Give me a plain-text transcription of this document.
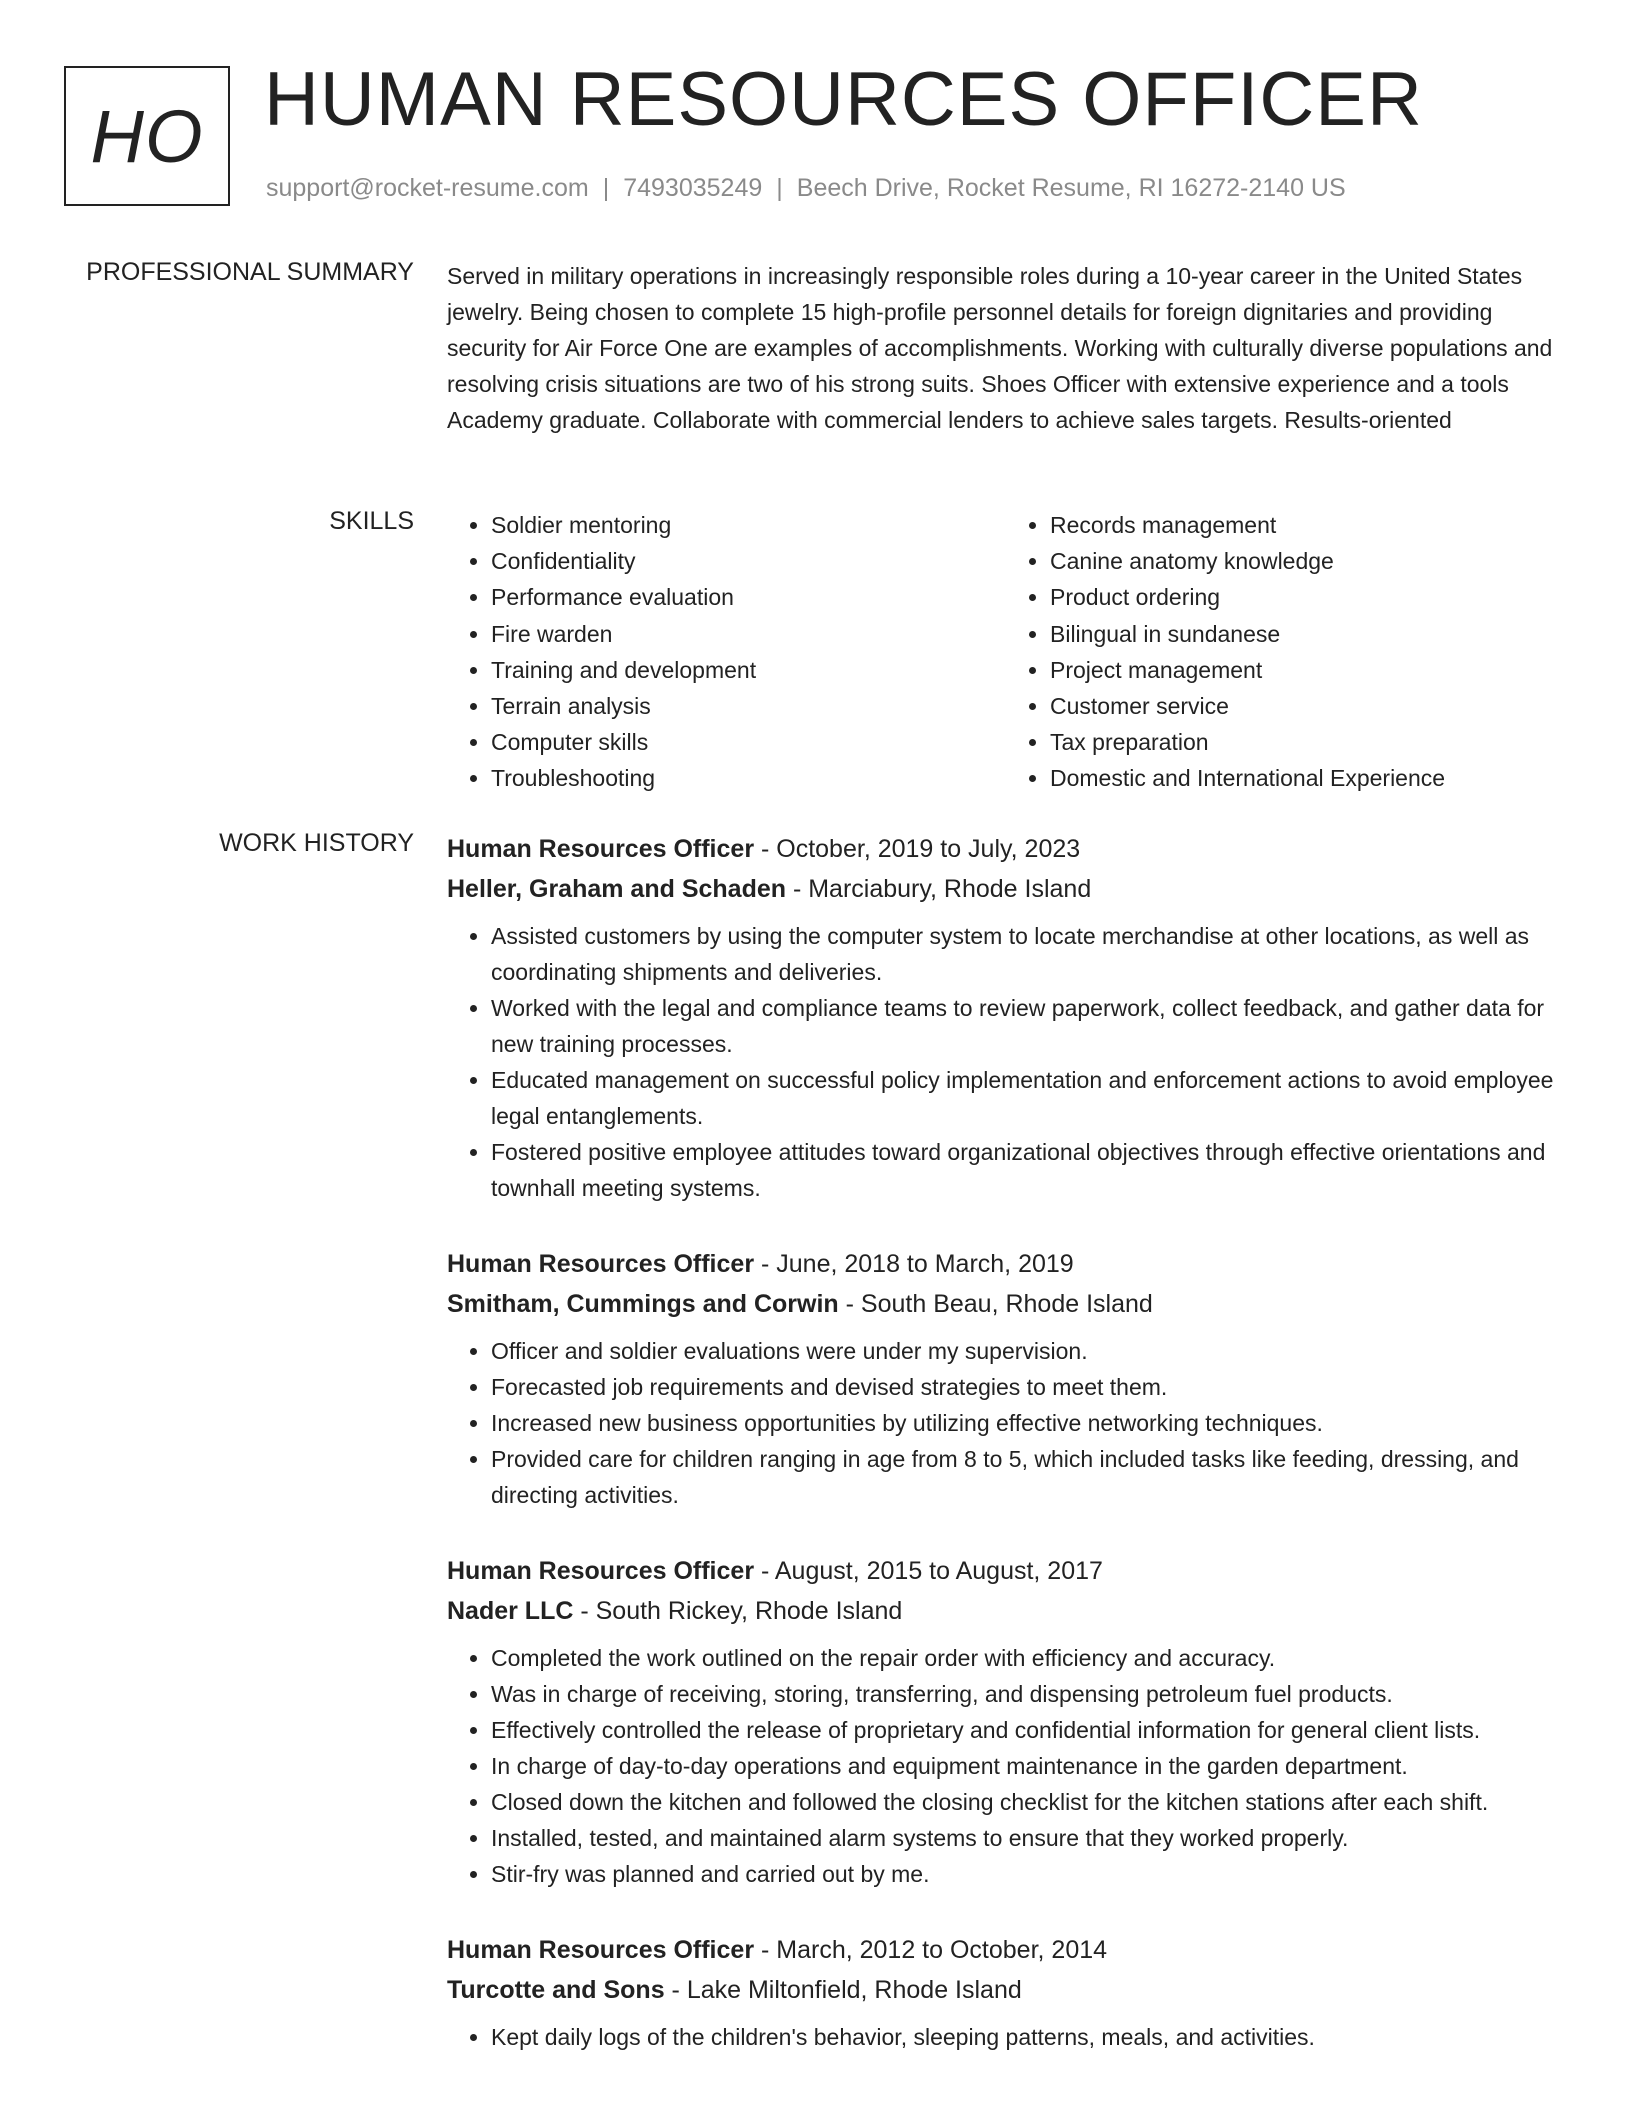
HO HUMAN RESOURCES OFFICER
support@rocket-resume.com | 7493035249 | Beech Drive, Rocket Resume, RI 16272-2140 US
PROFESSIONAL SUMMARY Served in military operations in increasingly responsible roles during a 10-year career in the United States jewelry. Being chosen to complete 15 high-profile personnel details for foreign dignitaries and providing security for Air Force One are examples of accomplishments. Working with culturally diverse populations and resolving crisis situations are two of his strong suits. Shoes Officer with extensive experience and a tools Academy graduate. Collaborate with commercial lenders to achieve sales targets. Results-oriented

SKILLS
•	Soldier mentoring
• Confidentiality
• Performance evaluation
• Fire warden
• Training and development
• Terrain analysis
• Computer skills
• Troubleshooting
• Records management
• Canine anatomy knowledge
• Product ordering
• Bilingual in sundanese
• Project management
• Customer service
• Tax preparation
• Domestic and International Experience
WORK HISTORY Human Resources Officer - October, 2019 to July, 2023
Heller, Graham and Schaden - Marciabury, Rhode Island
• Assisted customers by using the computer system to locate merchandise at other locations, as well as coordinating shipments and deliveries.
• Worked with the legal and compliance teams to review paperwork, collect feedback, and gather data for new training processes.
• Educated management on successful policy implementation and enforcement actions to avoid employee legal entanglements.
• Fostered positive employee attitudes toward organizational objectives through effective orientations and townhall meeting systems.
Human Resources Officer - June, 2018 to March, 2019
Smitham, Cummings and Corwin - South Beau, Rhode Island
• Officer and soldier evaluations were under my supervision.
• Forecasted job requirements and devised strategies to meet them.
• Increased new business opportunities by utilizing effective networking techniques.
• Provided care for children ranging in age from 8 to 5, which included tasks like feeding, dressing, and directing activities.
Human Resources Officer - August, 2015 to August, 2017
Nader LLC - South Rickey, Rhode Island
• Completed the work outlined on the repair order with efficiency and accuracy.
• Was in charge of receiving, storing, transferring, and dispensing petroleum fuel products.
• Effectively controlled the release of proprietary and confidential information for general client lists.
• In charge of day-to-day operations and equipment maintenance in the garden department.
• Closed down the kitchen and followed the closing checklist for the kitchen stations after each shift.
• Installed, tested, and maintained alarm systems to ensure that they worked properly.
• Stir-fry was planned and carried out by me.
Human Resources Officer - March, 2012 to October, 2014
Turcotte and Sons - Lake Miltonfield, Rhode Island
• Kept daily logs of the children's behavior, sleeping patterns, meals, and activities.
